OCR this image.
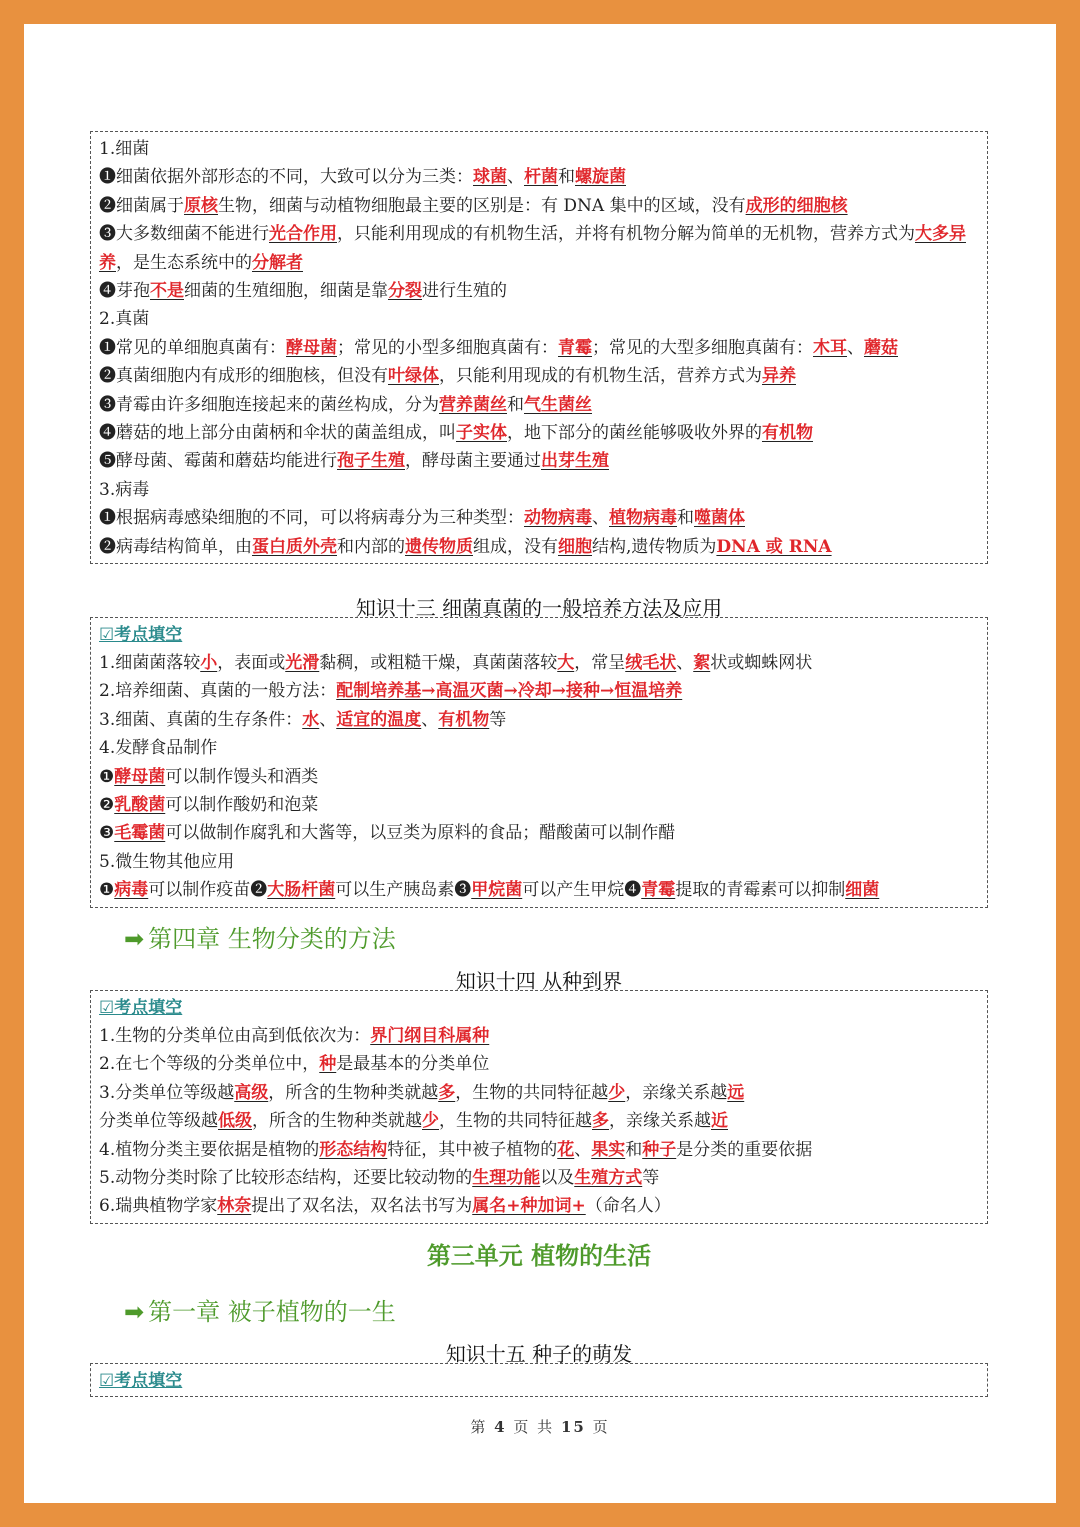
1.细菌
❶细菌依据外部形态的不同，大致可以分为三类：球菌、杆菌和螺旋菌
❷细菌属于原核生物，细菌与动植物细胞最主要的区别是：有 DNA 集中的区域，没有成形的细胞核
❸大多数细菌不能进行光合作用，只能利用现成的有机物生活，并将有机物分解为简单的无机物，营养方式为大多异养，是生态系统中的分解者
❹芽孢不是细菌的生殖细胞，细菌是靠分裂进行生殖的
2.真菌
❶常见的单细胞真菌有：酵母菌；常见的小型多细胞真菌有：青霉；常见的大型多细胞真菌有：木耳、蘑菇
❷真菌细胞内有成形的细胞核，但没有叶绿体，只能利用现成的有机物生活，营养方式为异养
❸青霉由许多细胞连接起来的菌丝构成，分为营养菌丝和气生菌丝
❹蘑菇的地上部分由菌柄和伞状的菌盖组成，叫子实体，地下部分的菌丝能够吸收外界的有机物
❺酵母菌、霉菌和蘑菇均能进行孢子生殖，酵母菌主要通过出芽生殖
3.病毒
❶根据病毒感染细胞的不同，可以将病毒分为三种类型：动物病毒、植物病毒和噬菌体
❷病毒结构简单，由蛋白质外壳和内部的遗传物质组成，没有细胞结构,遗传物质为DNA 或 RNA
知识十三 细菌真菌的一般培养方法及应用
☑考点填空
1.细菌菌落较小，表面或光滑黏稠，或粗糙干燥，真菌菌落较大，常呈绒毛状、絮状或蜘蛛网状
2.培养细菌、真菌的一般方法：配制培养基→高温灭菌→冷却→接种→恒温培养
3.细菌、真菌的生存条件：水、适宜的温度、有机物等
4.发酵食品制作
❶酵母菌可以制作馒头和酒类
❷乳酸菌可以制作酸奶和泡菜
❸毛霉菌可以做制作腐乳和大酱等，以豆类为原料的食品；醋酸菌可以制作醋
5.微生物其他应用
❶病毒可以制作疫苗❷大肠杆菌可以生产胰岛素❸甲烷菌可以产生甲烷❹青霉提取的青霉素可以抑制细菌
➡ 第四章 生物分类的方法
知识十四 从种到界
☑考点填空
1.生物的分类单位由高到低依次为：界门纲目科属种
2.在七个等级的分类单位中，种是最基本的分类单位
3.分类单位等级越高级，所含的生物种类就越多，生物的共同特征越少，亲缘关系越远
分类单位等级越低级，所含的生物种类就越少，生物的共同特征越多，亲缘关系越近
4.植物分类主要依据是植物的形态结构特征，其中被子植物的花、果实和种子是分类的重要依据
5.动物分类时除了比较形态结构，还要比较动物的生理功能以及生殖方式等
6.瑞典植物学家林奈提出了双名法，双名法书写为属名+种加词+（命名人）
第三单元 植物的生活
➡ 第一章 被子植物的一生
知识十五 种子的萌发
☑考点填空
第 4 页 共 15 页
